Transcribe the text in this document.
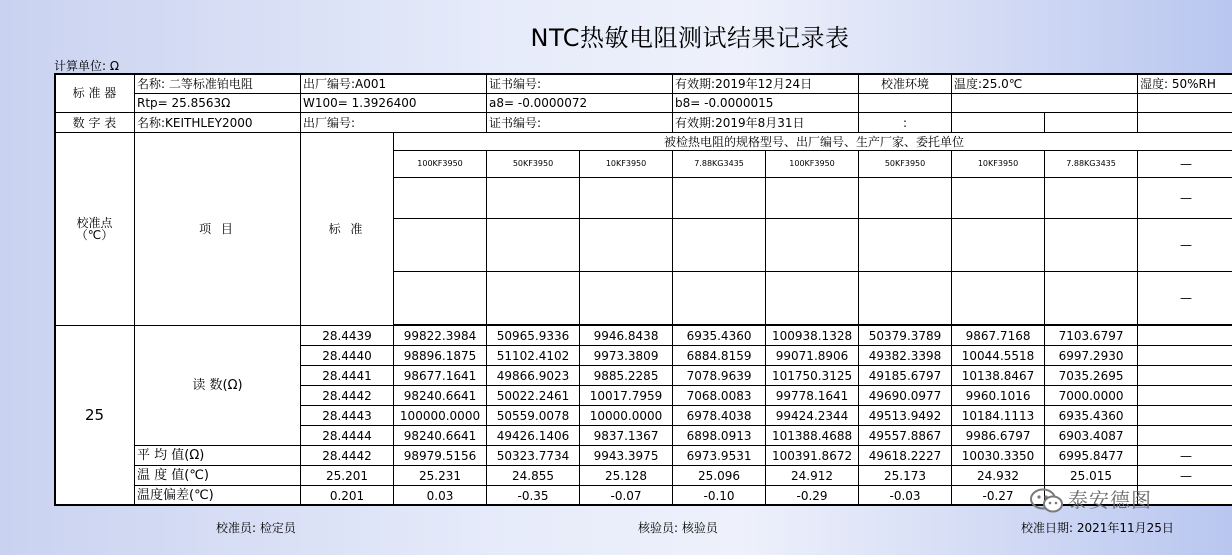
NTC热敏电阻测试结果记录表
计算单位: Ω
标 准 器	名称: 二等标准铂电阻	出厂编号:A001		证书编号:		有效期:2019年12月24日		校准环境	温度:25.0℃		湿度: 50%RH
	Rtp= 25.8563Ω	W100= 1.3926400		a8= -0.0000072		b8= -0.0000015					
数 字 表	名称:KEITHLEY2000	出厂编号:		证书编号:		有效期:2019年8月31日		:			

校准点
（℃）	项 目	标 准	被检热电阻的规格型号、出厂编号、生产厂家、委托单位								
			100KF3950	50KF3950	10KF3950	7.88KG3435	100KF3950	50KF3950	10KF3950	7.88KG3435	—
											—
											—
											—

25	读 数(Ω)	28.4439	99822.3984	50965.9336	9946.8438	6935.4360	100938.1328	50379.3789	9867.7168	7103.6797	
		28.4440	98896.1875	51102.4102	9973.3809	6884.8159	99071.8906	49382.3398	10044.5518	6997.2930	
		28.4441	98677.1641	49866.9023	9885.2285	7078.9639	101750.3125	49185.6797	10138.8467	7035.2695	
		28.4442	98240.6641	50022.2461	10017.7959	7068.0083	99778.1641	49690.0977	9960.1016	7000.0000	
		28.4443	100000.0000	50559.0078	10000.0000	6978.4038	99424.2344	49513.9492	10184.1113	6935.4360	
		28.4444	98240.6641	49426.1406	9837.1367	6898.0913	101388.4688	49557.8867	9986.6797	6903.4087	
	平 均 值(Ω)	28.4442	98979.5156	50323.7734	9943.3975	6973.9531	100391.8672	49618.2227	10030.3350	6995.8477	—
	温 度 值(℃)	25.201	25.231	24.855	25.128	25.096	24.912	25.173	24.932	25.015	—
	温度偏差(℃)	0.201	0.03	-0.35	-0.07	-0.10	-0.29	-0.03	-0.27			泰安德图
校准员: 检定员	核验员: 核验员	校准日期: 2021年11月25日
